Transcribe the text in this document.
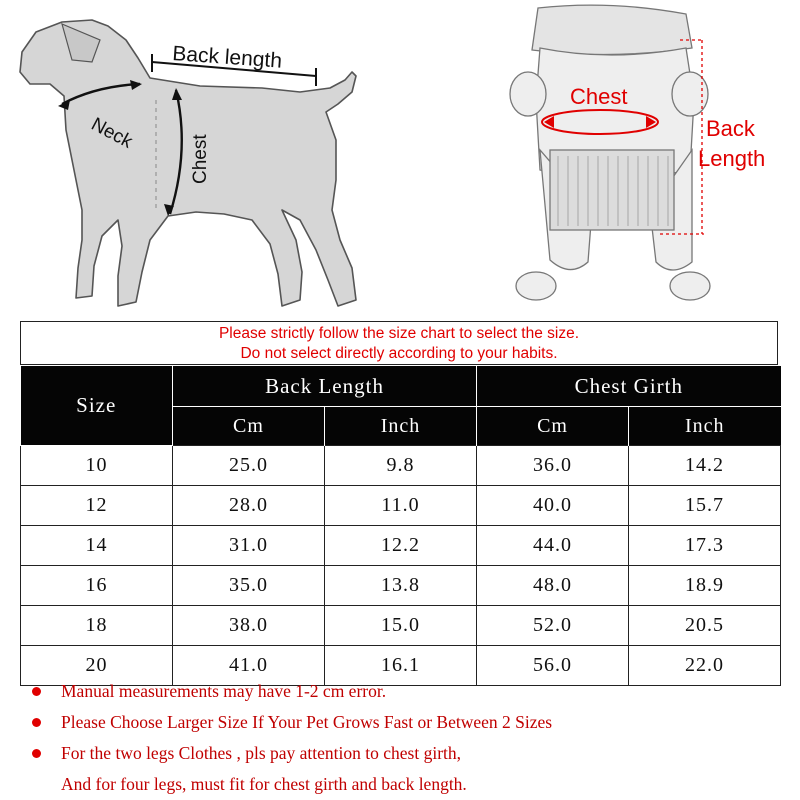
Back length
Neck
Chest
Chest
Back
Length
Please strictly follow the size chart to select the size.
Do not select directly according to your habits.
Size	Back Length		Chest Girth	
	Cm	Inch	Cm	Inch
10	25.0	9.8	36.0	14.2
12	28.0	11.0	40.0	15.7
14	31.0	12.2	44.0	17.3
16	35.0	13.8	48.0	18.9
18	38.0	15.0	52.0	20.5
20	41.0	16.1	56.0	22.0
Manual measurements may have 1-2 cm error.
Please Choose Larger Size If Your Pet Grows Fast or Between 2 Sizes
For the two legs Clothes , pls pay attention to chest girth,
And for four legs, must fit for chest girth and back length.
